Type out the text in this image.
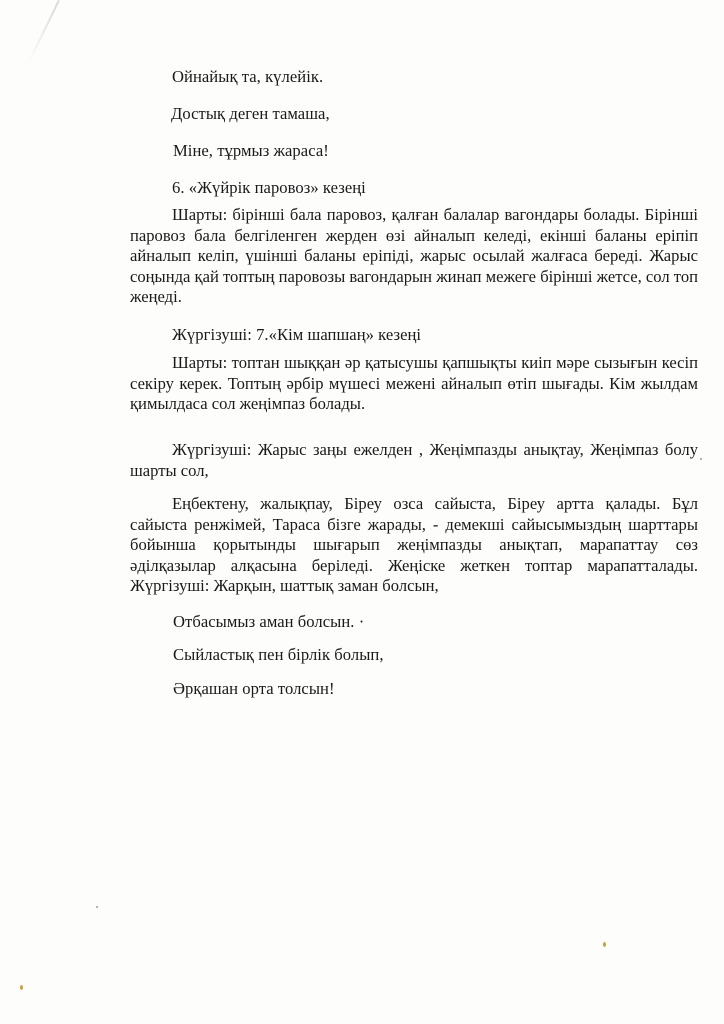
Ойнайық та, күлейік.
Достық деген тамаша,
Міне, тұрмыз жараса!
6. «Жүйрік паровоз» кезеңі
Шарты: бірінші бала паровоз, қалған балалар вагондары болады. Бірінші паровоз бала белгіленген жерден өзі айналып келеді, екінші баланы еріпіп айналып келіп, үшінші баланы еріпіді, жарыс осылай жалғаса береді. Жарыс соңында қай топтың паровозы вагондарын жинап межеге бірінші жетсе, сол топ жеңеді.
Жүргізуші: 7.«Кім шапшаң» кезеңі
Шарты: топтан шыққан әр қатысушы қапшықты киіп мәре сызығын кесіп секіру керек. Топтың әрбір мүшесі межені айналып өтіп шығады. Кім жылдам қимылдаса сол жеңімпаз болады.
Жүргізуші: Жарыс заңы ежелден , Жеңімпазды анықтау, Жеңімпаз болу шарты сол,
Еңбектену, жалықпау, Біреу озса сайыста, Біреу артта қалады. Бұл сайыста ренжімей, Тараса бізге жарады, - демекші сайысымыздың шарттары бойынша қорытынды шығарып жеңімпазды анықтап, марапаттау сөз әділқазылар алқасына беріледі. Жеңіске жеткен топтар марапатталады. Жүргізуші: Жарқын, шаттық заман болсын,
Отбасымыз аман болсын. ·
Сыйластық пен бірлік болып,
Әрқашан орта толсын!
